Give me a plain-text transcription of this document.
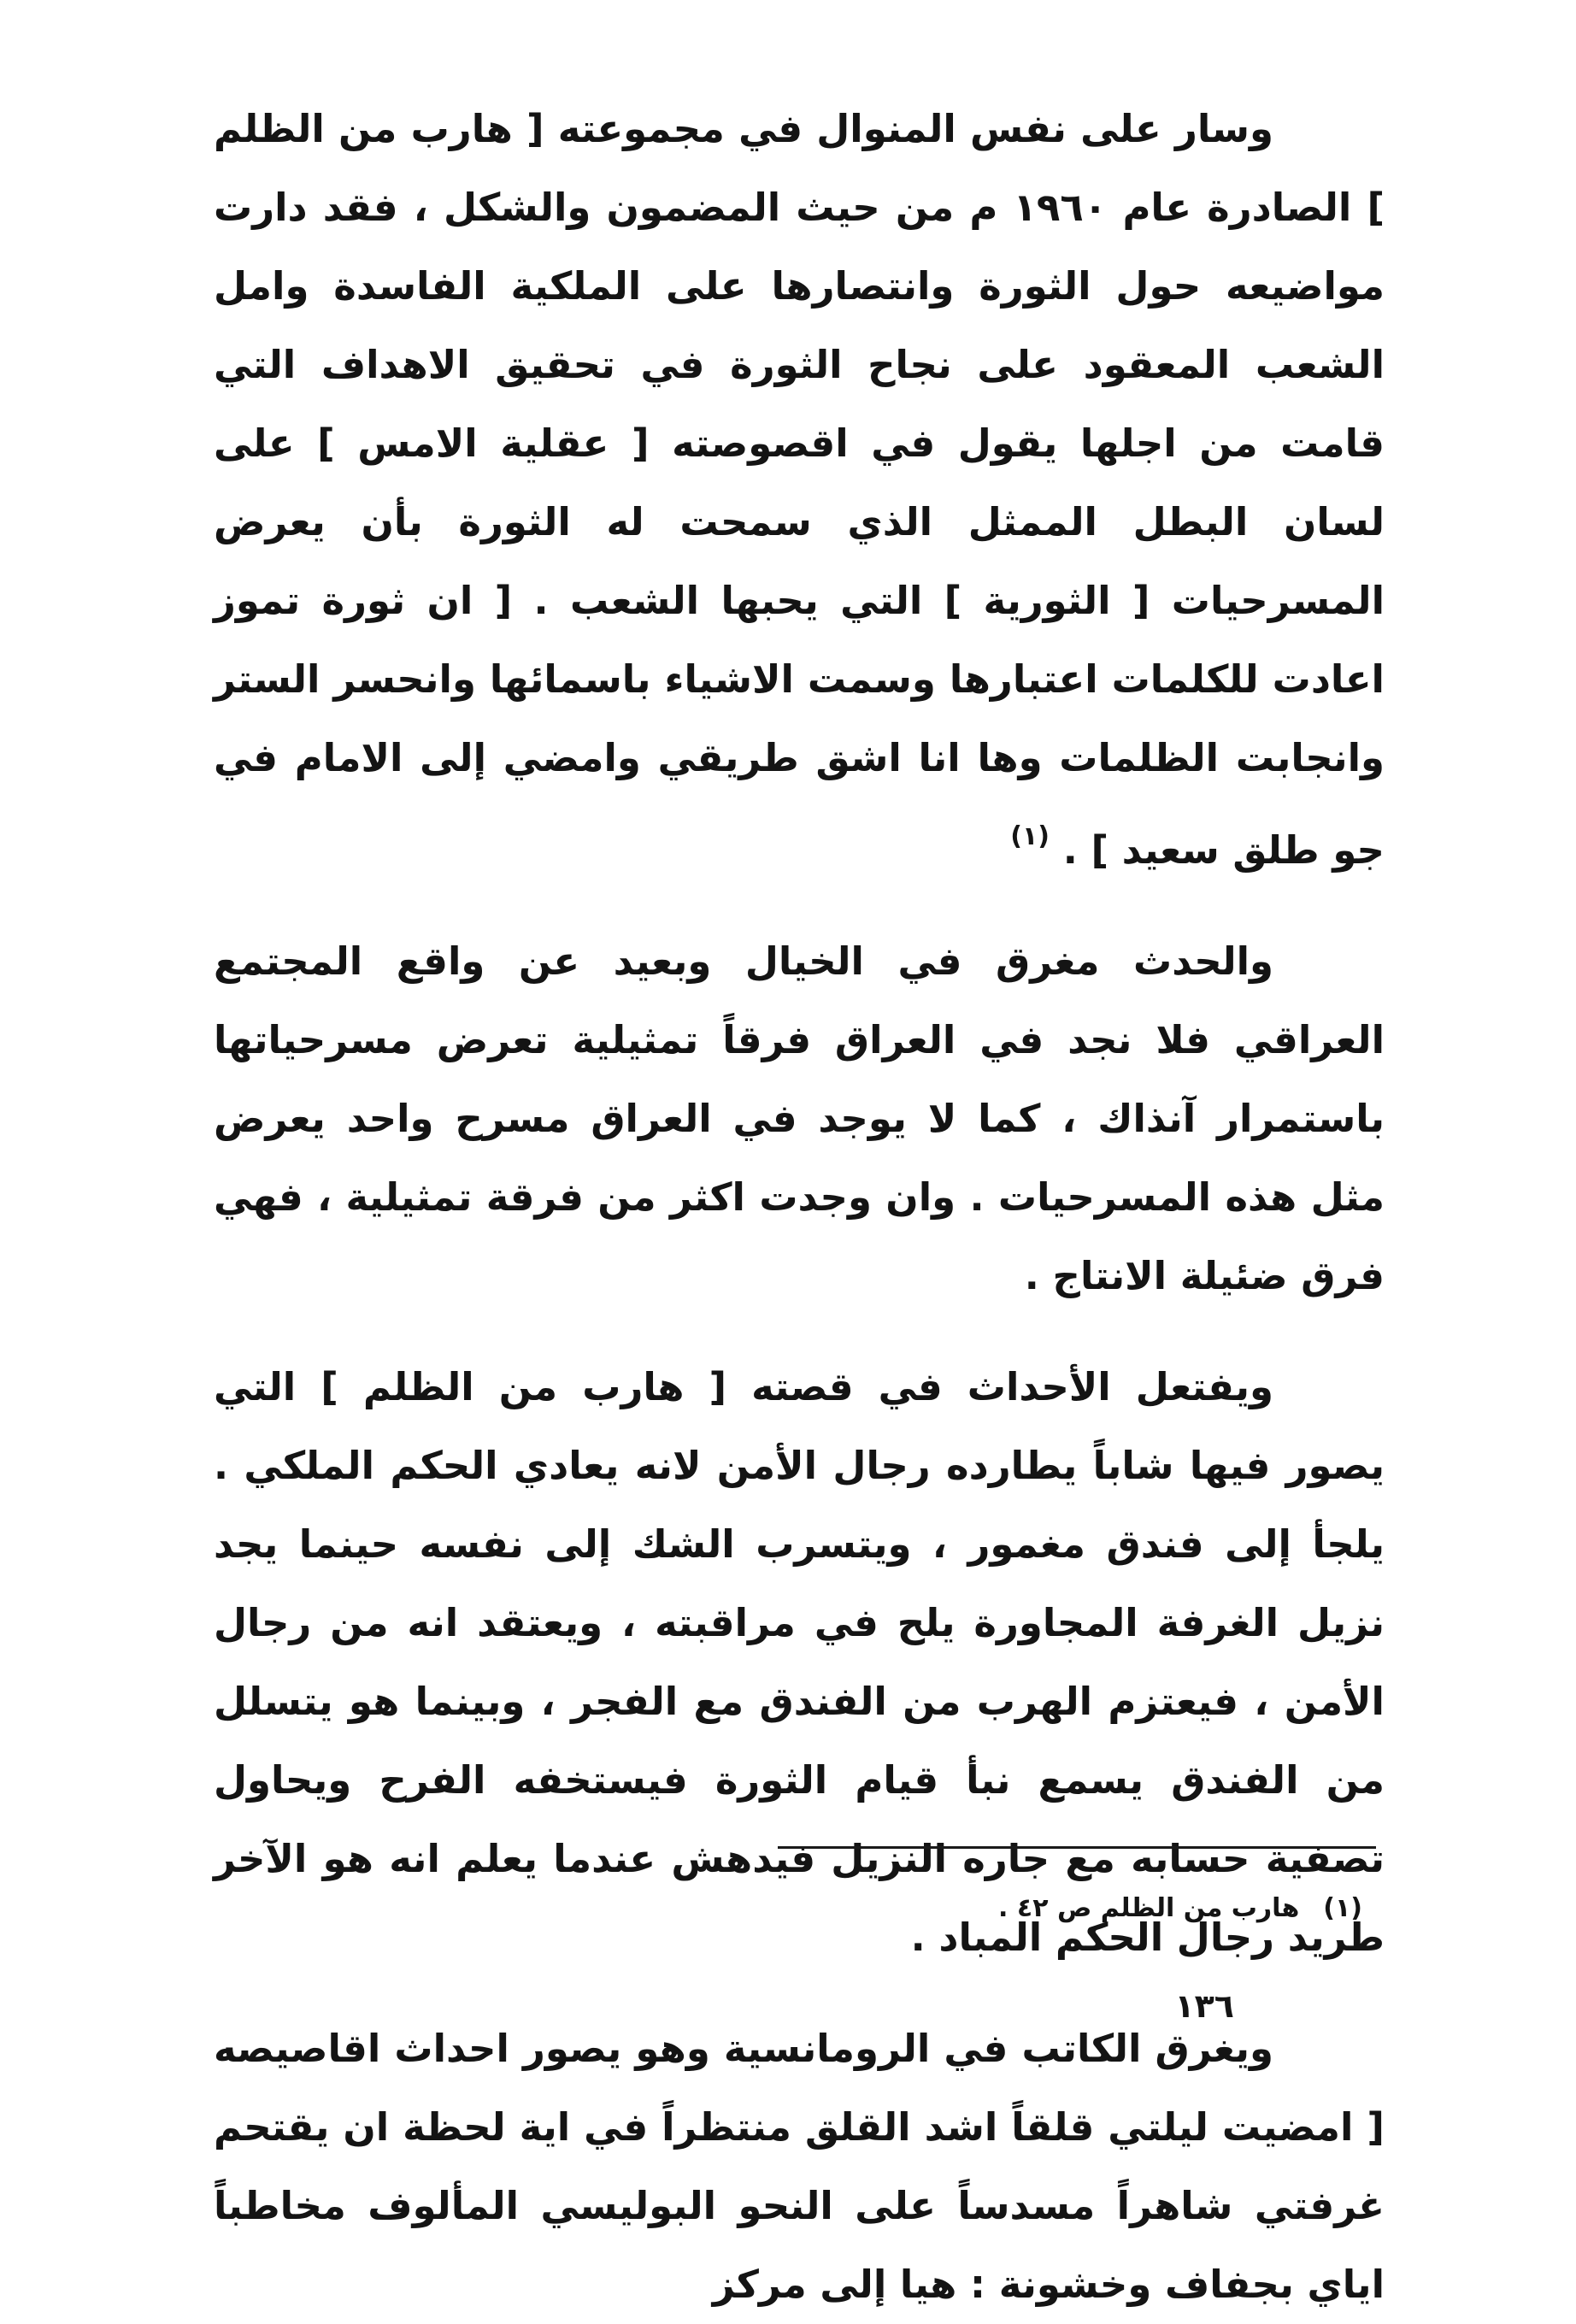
وسار على نفس المنوال في مجموعته [ هارب من الظلم ] الصادرة عام ١٩٦٠ م من حيث المضمون والشكل ، فقد دارت مواضيعه حول الثورة وانتصارها على الملكية الفاسدة وامل الشعب المعقود على نجاح الثورة في تحقيق الاهداف التي قامت من اجلها يقول في اقصوصته [ عقلية الامس ] على لسان البطل الممثل الذي سمحت له الثورة بأن يعرض المسرحيات [ الثورية ] التي يحبها الشعب . [ ان ثورة تموز اعادت للكلمات اعتبارها وسمت الاشياء باسمائها وانحسر الستر وانجابت الظلمات وها انا اشق طريقي وامضي إلى الامام في جو طلق سعيد ] . $^{(١)}$

والحدث مغرق في الخيال وبعيد عن واقع المجتمع العراقي فلا نجد في العراق فرقاً تمثيلية تعرض مسرحياتها باستمرار آنذاك ، كما لا يوجد في العراق مسرح واحد يعرض مثل هذه المسرحيات . وان وجدت اكثر من فرقة تمثيلية ، فهي فرق ضئيلة الانتاج .

ويفتعل الأحداث في قصته [ هارب من الظلم ] التي يصور فيها شاباً يطارده رجال الأمن لانه يعادي الحكم الملكي . يلجأ إلى فندق مغمور ، ويتسرب الشك إلى نفسه حينما يجد نزيل الغرفة المجاورة يلح في مراقبته ، ويعتقد انه من رجال الأمن ، فيعتزم الهرب من الفندق مع الفجر ، وبينما هو يتسلل من الفندق يسمع نبأ قيام الثورة فيستخفه الفرح ويحاول تصفية حسابه مع جاره النزيل فيدهش عندما يعلم انه هو الآخر طريد رجال الحكم المباد .

ويغرق الكاتب في الرومانسية وهو يصور احداث اقاصيصه [ امضيت ليلتي قلقاً اشد القلق منتظراً في اية لحظة ان يقتحم غرفتي شاهراً مسدساً على النحو البوليسي المألوف مخاطباً اياي بجفاف وخشونة : هيا إلى مركز

(١)هارب من الظلم ص ٤٢ .
١٣٦
